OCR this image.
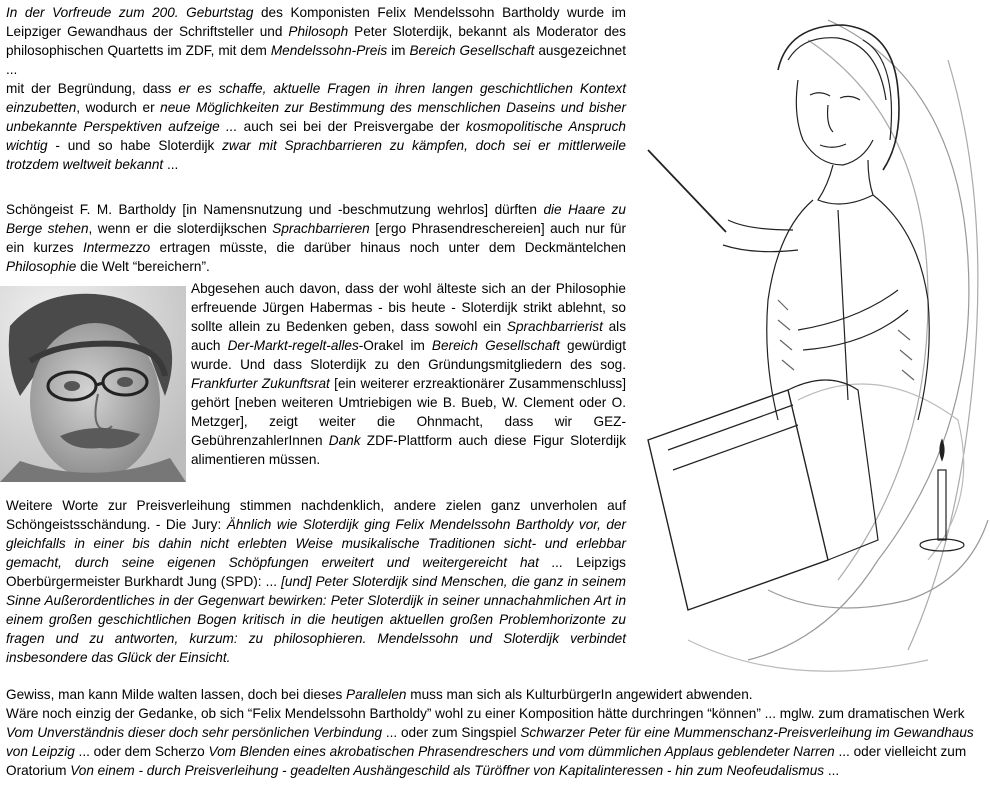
In der Vorfreude zum 200. Geburtstag des Komponisten Felix Mendelssohn Bartholdy wurde im Leipziger Gewandhaus der Schriftsteller und Philosoph Peter Sloterdijk, bekannt als Moderator des philosophischen Quartetts im ZDF, mit dem Mendelssohn-Preis im Bereich Gesellschaft ausgezeichnet ...
mit der Begründung, dass er es schaffe, aktuelle Fragen in ihren langen geschichtlichen Kontext einzubetten, wodurch er neue Möglichkeiten zur Bestimmung des menschlichen Daseins und bisher unbekannte Perspektiven aufzeige ... auch sei bei der Preisvergabe der kosmopolitische Anspruch wichtig - und so habe Sloterdijk zwar mit Sprachbarrieren zu kämpfen, doch sei er mittlerweile trotzdem weltweit bekannt ...

Schöngeist F. M. Bartholdy [in Namensnutzung und -beschmutzung wehrlos] dürften die Haare zu Berge stehen, wenn er die sloterdijkschen Sprachbarrieren [ergo Phrasendreschereien] auch nur für ein kurzes Intermezzo ertragen müsste, die darüber hinaus noch unter dem Deckmäntelchen Philosophie die Welt “bereichern”.

Abgesehen auch davon, dass der wohl älteste sich an der Philosophie erfreuende Jürgen Habermas - bis heute - Sloterdijk strikt ablehnt, so sollte allein zu Bedenken geben, dass sowohl ein Sprachbarrierist als auch Der-Markt-regelt-alles-Orakel im Bereich Gesellschaft gewürdigt wurde. Und dass Sloterdijk zu den Gründungsmitgliedern des sog. Frankfurter Zukunftsrat [ein weiterer erzreaktionärer Zusammenschluss] gehört [neben weiteren Umtriebigen wie B. Bueb, W. Clement oder O. Metzger], zeigt weiter die Ohnmacht, dass wir GEZ-GebührenzahlerInnen Dank ZDF-Plattform auch diese Figur Sloterdijk alimentieren müssen.

Weitere Worte zur Preisverleihung stimmen nachdenklich, andere zielen ganz unverholen auf Schöngeistsschändung. - Die Jury: Ähnlich wie Sloterdijk ging Felix Mendelssohn Bartholdy vor, der gleichfalls in einer bis dahin nicht erlebten Weise musikalische Traditionen sicht- und erlebbar gemacht, durch seine eigenen Schöpfungen erweitert und weitergereicht hat ... Leipzigs Oberbürgermeister Burkhardt Jung (SPD): ... [und] Peter Sloterdijk sind Menschen, die ganz in seinem Sinne Außerordentliches in der Gegenwart bewirken: Peter Sloterdijk in seiner unnachahmlichen Art in einem großen geschichtlichen Bogen kritisch in die heutigen aktuellen großen Problemhorizonte zu fragen und zu antworten, kurzum: zu philosophieren. Mendelssohn und Sloterdijk verbindet insbesondere das Glück der Einsicht.

Gewiss, man kann Milde walten lassen, doch bei dieses Parallelen muss man sich als KulturbürgerIn angewidert abwenden.
Wäre noch einzig der Gedanke, ob sich “Felix Mendelssohn Bartholdy” wohl zu einer Komposition hätte durchringen “können” ... mglw. zum dramatischen Werk Vom Unverständnis dieser doch sehr persönlichen Verbindung ... oder zum Singspiel Schwarzer Peter für eine Mummenschanz-Preisverleihung im Gewandhaus von Leipzig ... oder dem Scherzo Vom Blenden eines akrobatischen Phrasendreschers und vom dümmlichen Applaus geblendeter Narren ... oder vielleicht zum Oratorium Von einem - durch Preisverleihung - geadelten Aushängeschild als Türöffner von Kapitalinteressen - hin zum Neofeudalismus ...
